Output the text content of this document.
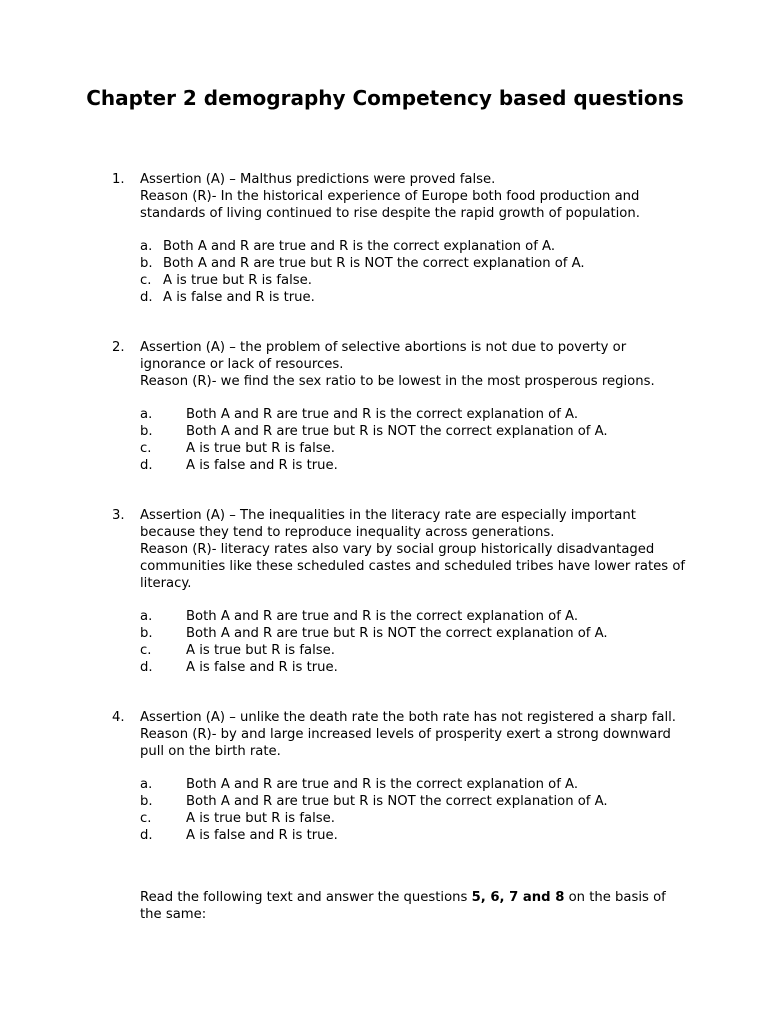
Chapter 2 demography Competency based questions
1.	Assertion (A) – Malthus predictions were proved false.

Reason (R)- In the historical experience of Europe both food production and standards of living continued to rise despite the rapid growth of population.

a. Both A and R are true and R is the correct explanation of A.
b. Both A and R are true but R is NOT the correct explanation of A.
c. A is true but R is false.
d. A is false and R is true.
2.	Assertion (A) – the problem of selective abortions is not due to poverty or ignorance or lack of resources.

Reason (R)- we find the sex ratio to be lowest in the most prosperous regions.

a.	Both A and R are true and R is the correct explanation of A.
b.	Both A and R are true but R is NOT the correct explanation of A.
c.	A is true but R is false.
d.	A is false and R is true.
3.	Assertion (A) – The inequalities in the literacy rate are especially important because they tend to reproduce inequality across generations.

Reason (R)- literacy rates also vary by social group historically disadvantaged communities like these scheduled castes and scheduled tribes have lower rates of literacy.

a.	Both A and R are true and R is the correct explanation of A.
b.	Both A and R are true but R is NOT the correct explanation of A.
c.	A is true but R is false.
d.	A is false and R is true.
4.	Assertion (A) – unlike the death rate the both rate has not registered a sharp fall.

Reason (R)- by and large increased levels of prosperity exert a strong downward pull on the birth rate.

a.	Both A and R are true and R is the correct explanation of A.
b.	Both A and R are true but R is NOT the correct explanation of A.
c.	A is true but R is false.
d.	A is false and R is true.

Read the following text and answer the questions 5, 6, 7 and 8 on the basis of the same:
